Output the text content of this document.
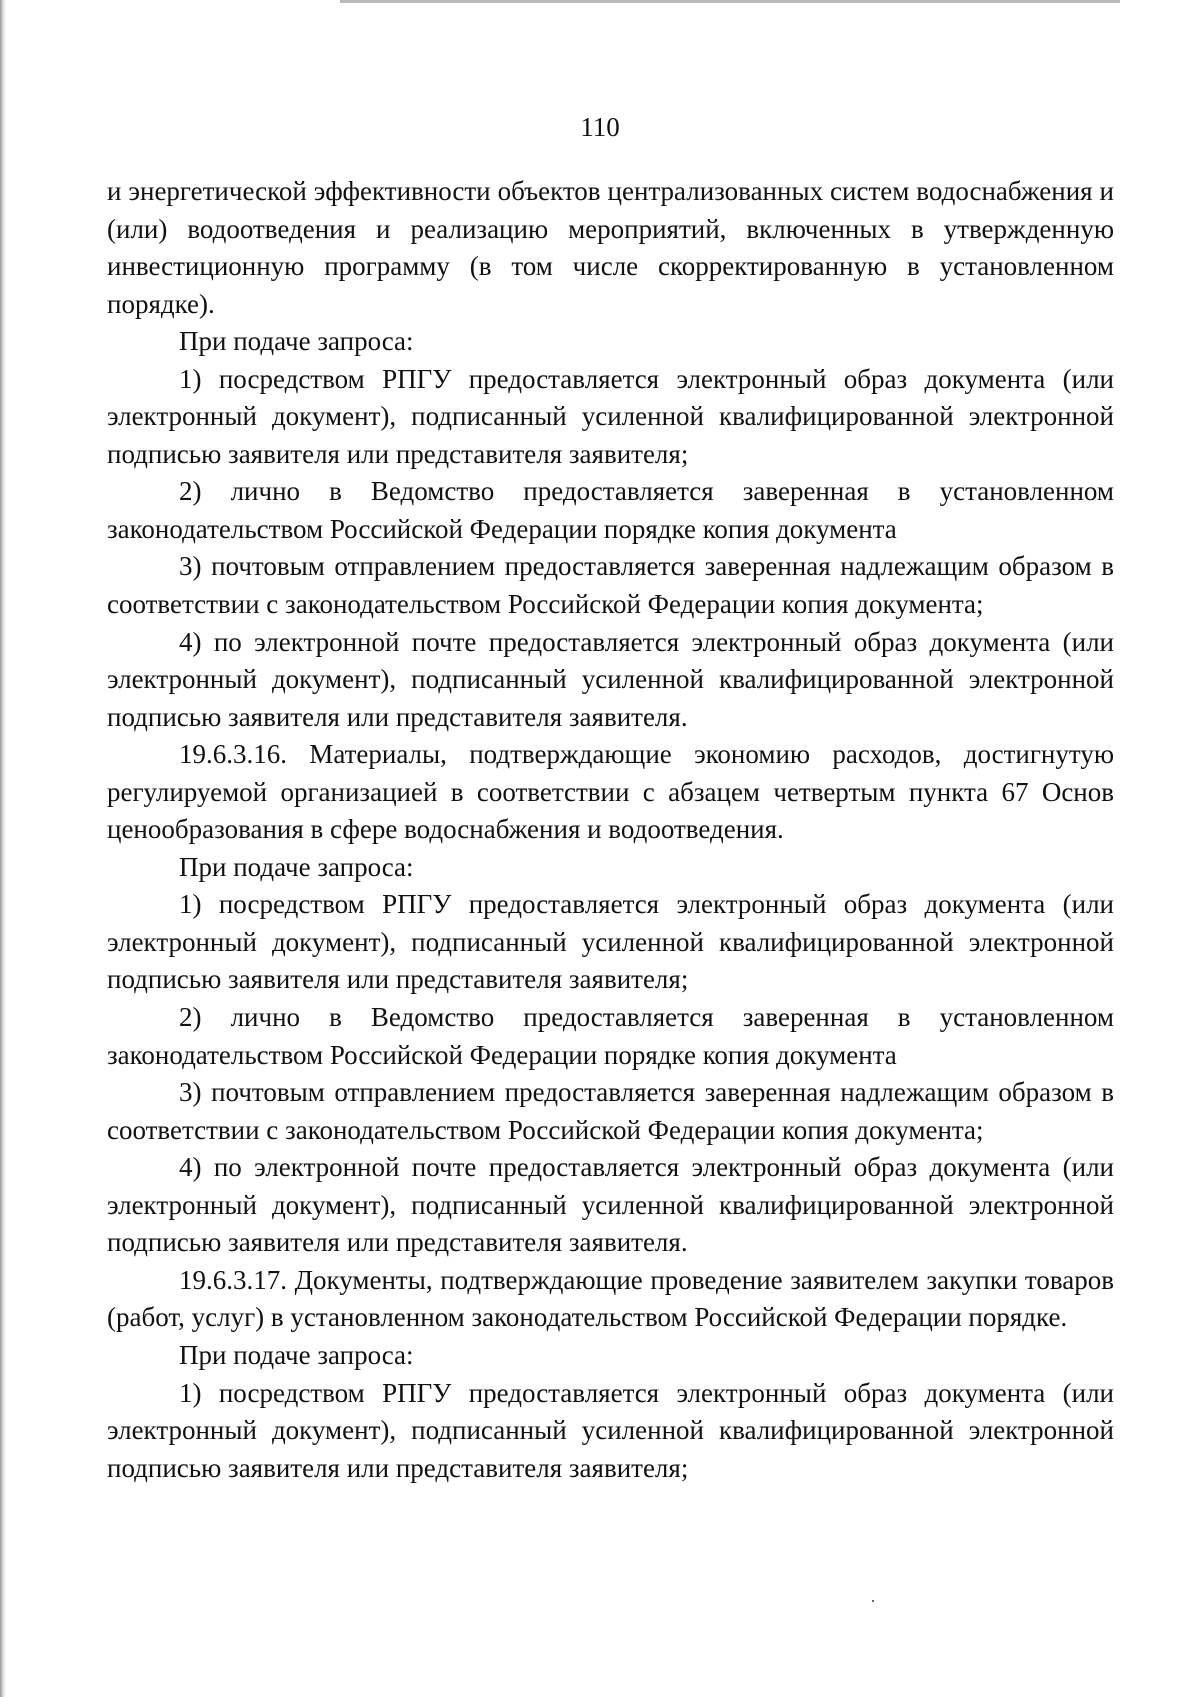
110

и энергетической эффективности объектов централизованных систем водоснабжения и (или) водоотведения и реализацию мероприятий, включенных в утвержденную инвестиционную программу (в том числе скорректированную в установленном порядке).

При подаче запроса:

1) посредством РПГУ предоставляется электронный образ документа (или электронный документ), подписанный усиленной квалифицированной электронной подписью заявителя или представителя заявителя;

2) лично в Ведомство предоставляется заверенная в установленном законодательством Российской Федерации порядке копия документа

3) почтовым отправлением предоставляется заверенная надлежащим образом в соответствии с законодательством Российской Федерации копия документа;

4) по электронной почте предоставляется электронный образ документа (или электронный документ), подписанный усиленной квалифицированной электронной подписью заявителя или представителя заявителя.

19.6.3.16. Материалы, подтверждающие экономию расходов, достигнутую регулируемой организацией в соответствии с абзацем четвертым пункта 67 Основ ценообразования в сфере водоснабжения и водоотведения.

При подаче запроса:

1) посредством РПГУ предоставляется электронный образ документа (или электронный документ), подписанный усиленной квалифицированной электронной подписью заявителя или представителя заявителя;

2) лично в Ведомство предоставляется заверенная в установленном законодательством Российской Федерации порядке копия документа

3) почтовым отправлением предоставляется заверенная надлежащим образом в соответствии с законодательством Российской Федерации копия документа;

4) по электронной почте предоставляется электронный образ документа (или электронный документ), подписанный усиленной квалифицированной электронной подписью заявителя или представителя заявителя.

19.6.3.17. Документы, подтверждающие проведение заявителем закупки товаров (работ, услуг) в установленном законодательством Российской Федерации порядке.

При подаче запроса:

1) посредством РПГУ предоставляется электронный образ документа (или электронный документ), подписанный усиленной квалифицированной электронной подписью заявителя или представителя заявителя;
